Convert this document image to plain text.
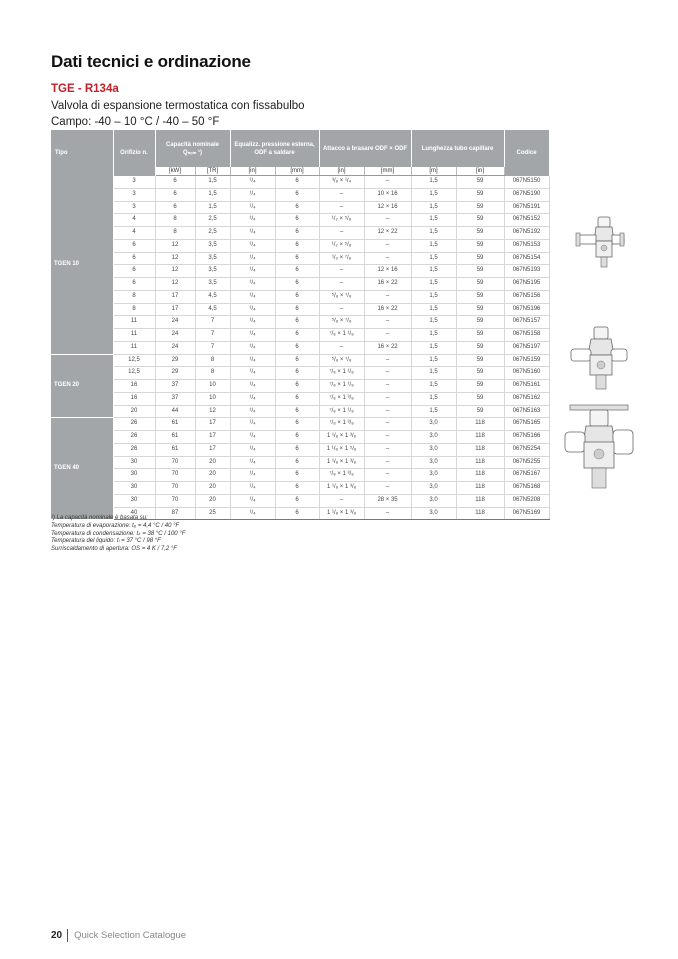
Dati tecnici e ordinazione
TGE - R134a
Valvola di espansione termostatica con fissabulbo
Campo: -40 – 10 °C / -40 – 50 °F
Tipo	Orifizio n.	Capacità nominale
Qₙₒₘ ¹)		Equalizz. pressione esterna, ODF a saldare		Attacco a brasare ODF × ODF		Lunghezza tubo capillare		Codice
		[kW]	[TR]	[in]	[mm]	[in]	[mm]	[m]	[in]	
TGEN 10	3	6	1,5	¹/₄	6	³/₈ × ¹/₄	–	1,5	59	067N5150
	3	6	1,5	¹/₄	6	–	10 × 16	1,5	59	067N5190
	3	6	1,5	¹/₄	6	–	12 × 16	1,5	59	067N5191
	4	8	2,5	¹/₄	6	¹/₂ × ⁵/₈	–	1,5	59	067N5152
	4	8	2,5	¹/₄	6	–	12 × 22	1,5	59	067N5192
	6	12	3,5	¹/₄	6	¹/₂ × ⁵/₈	–	1,5	59	067N5153
	6	12	3,5	¹/₄	6	¹/₂ × ⁷/₈	–	1,5	59	067N5154
	6	12	3,5	¹/₄	6	–	12 × 16	1,5	59	067N5193
	6	12	3,5	¹/₄	6	–	16 × 22	1,5	59	067N5195
	8	17	4,5	¹/₄	6	⁵/₈ × ⁷/₈	–	1,5	59	067N5156
	8	17	4,5	¹/₄	6	–	16 × 22	1,5	59	067N5196
	11	24	7	¹/₄	6	⁵/₈ × ⁷/₈	–	1,5	59	067N5157
	11	24	7	¹/₄	6	⁷/₈ × 1 ¹/₈	–	1,5	59	067N5158
	11	24	7	¹/₄	6	–	16 × 22	1,5	59	067N5197
TGEN 20	12,5	29	8	¹/₄	6	⁵/₈ × ⁷/₈	–	1,5	59	067N5159
	12,5	29	8	¹/₄	6	⁷/₈ × 1 ¹/₈	–	1,5	59	067N5160
	16	37	10	¹/₄	6	⁷/₈ × 1 ¹/₈	–	1,5	59	067N5161
	16	37	10	¹/₄	6	⁷/₈ × 1 ³/₈	–	1,5	59	067N5162
	20	44	12	¹/₄	6	⁷/₈ × 1 ¹/₈	–	1,5	59	067N5163
TGEN 40	26	61	17	¹/₄	6	⁷/₈ × 1 ³/₈	–	3,0	118	067N5165
	26	61	17	¹/₄	6	1 ¹/₈ × 1 ³/₈	–	3,0	118	067N5166
	26	61	17	¹/₄	6	1 ¹/₈ × 1 ⁵/₈	–	3,0	118	067N5254
	30	70	20	¹/₄	6	1 ¹/₈ × 1 ³/₈	–	3,0	118	067N5255
	30	70	20	¹/₄	6	⁷/₈ × 1 ³/₈	–	3,0	118	067N5167
	30	70	20	¹/₄	6	1 ¹/₈ × 1 ³/₈	–	3,0	118	067N5168
	30	70	20	¹/₄	6	–	28 × 35	3,0	118	067N5208
	40	87	25	¹/₄	6	1 ¹/₈ × 1 ³/₈	–	3,0	118	067N5169
¹) La capacità nominale è basata su:
Temperatura di evaporazione: tₑ = 4,4 °C / 40 °F
Temperatura di condensazione: tₖ = 38 °C / 100 °F
Temperatura del liquido: tₗ = 37 °C / 98 °F
Surriscaldamento di apertura: OS = 4 K / 7,2 °F
20 Quick Selection Catalogue
